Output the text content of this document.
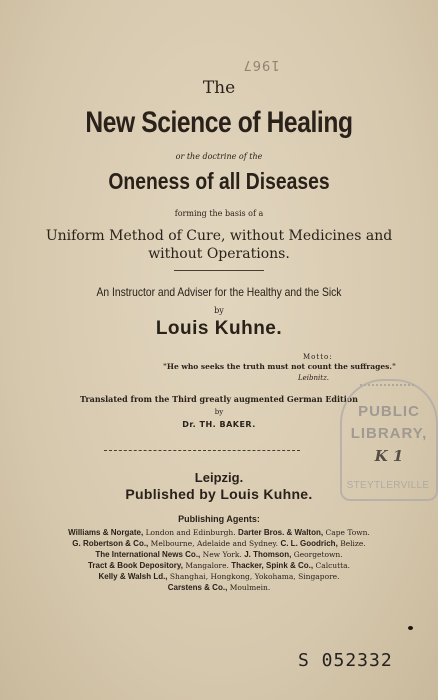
1967
The
New Science of Healing
or the doctrine of the
Oneness of all Diseases
forming the basis of a
Uniform Method of Cure, without Medicines and
without Operations.
An Instructor and Adviser for the Healthy and the Sick
by
Louis Kuhne.
Motto:
"He who seeks the truth must not count the suffrages."
Leibnitz.
Translated from the Third greatly augmented German Edition
by
Dr. TH. BAKER.
Leipzig.
Published by Louis Kuhne.
Publishing Agents:
Williams & Norgate, London and Edinburgh. Darter Bros. & Walton, Cape Town.
G. Robertson & Co., Melbourne, Adelaide and Sydney. C. L. Goodrich, Belize.
The International News Co., New York. J. Thomson, Georgetown.
Tract & Book Depository, Mangalore. Thacker, Spink & Co., Calcutta.
Kelly & Walsh Ld., Shanghai, Hongkong, Yokohama, Singapore.
Carstens & Co., Moulmein.
PUBLIC
LIBRARY,
K 1
STEYTLERVILLE
S 052332
